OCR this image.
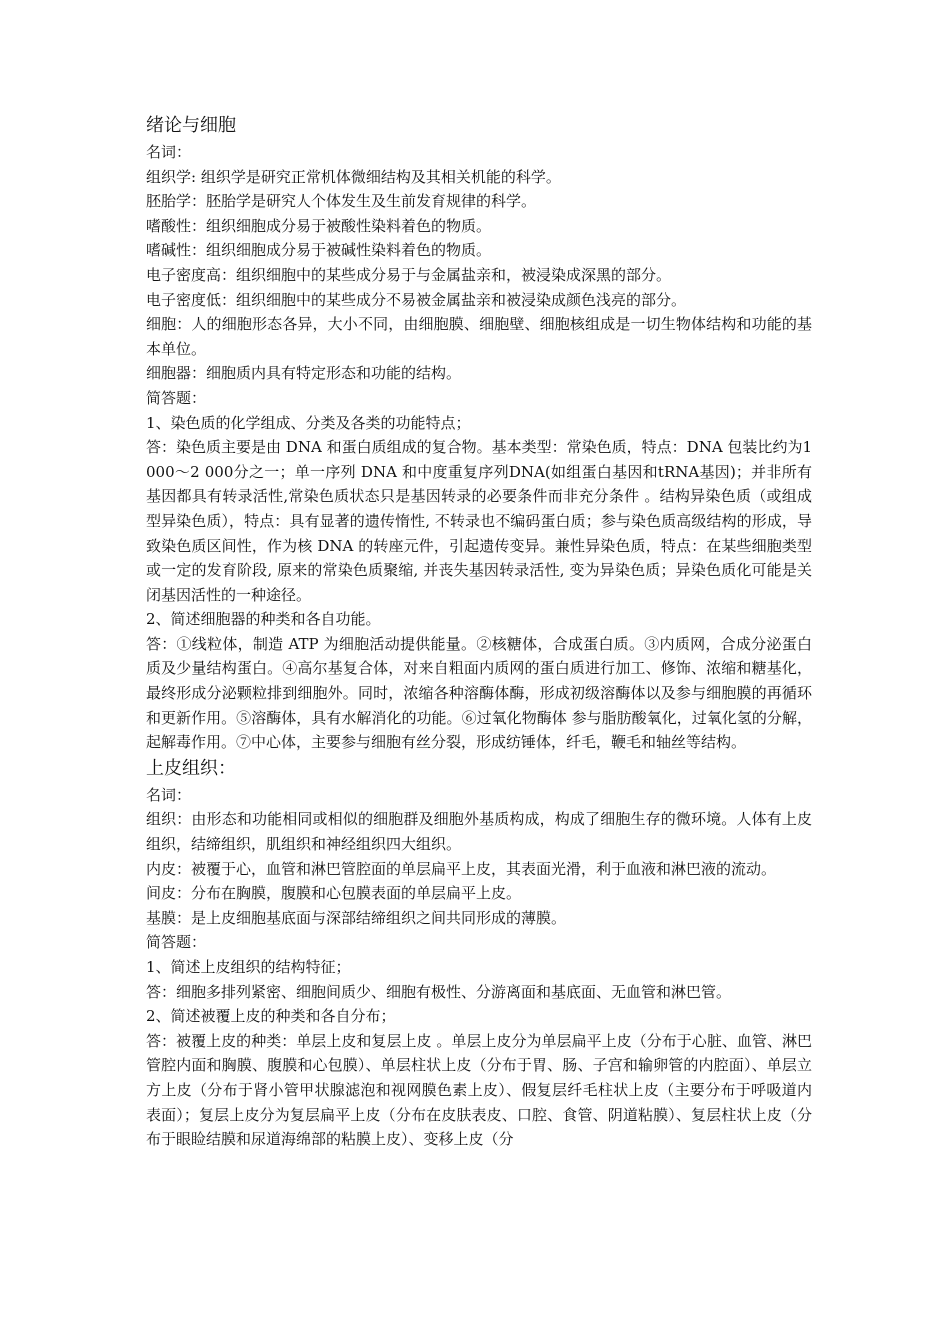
绪论与细胞

名词：

组织学: 组织学是研究正常机体微细结构及其相关机能的科学。

胚胎学：胚胎学是研究人个体发生及生前发育规律的科学。

嗜酸性：组织细胞成分易于被酸性染料着色的物质。

嗜碱性：组织细胞成分易于被碱性染料着色的物质。

电子密度高：组织细胞中的某些成分易于与金属盐亲和，被浸染成深黑的部分。

电子密度低：组织细胞中的某些成分不易被金属盐亲和被浸染成颜色浅亮的部分。

细胞：人的细胞形态各异，大小不同，由细胞膜、细胞壁、细胞核组成是一切生物体结构和功能的基本单位。

细胞器：细胞质内具有特定形态和功能的结构。

简答题：

1、染色质的化学组成、分类及各类的功能特点；

答：染色质主要是由 DNA 和蛋白质组成的复合物。基本类型：常染色质，特点：DNA 包装比约为1 000～2 000分之一；单一序列 DNA 和中度重复序列DNA(如组蛋白基因和tRNA基因)；并非所有基因都具有转录活性,常染色质状态只是基因转录的必要条件而非充分条件 。结构异染色质（或组成型异染色质），特点：具有显著的遗传惰性, 不转录也不编码蛋白质；参与染色质高级结构的形成，导致染色质区间性，作为核 DNA 的转座元件，引起遗传变异。兼性异染色质，特点：在某些细胞类型或一定的发育阶段, 原来的常染色质聚缩, 并丧失基因转录活性, 变为异染色质；异染色质化可能是关闭基因活性的一种途径。

2、简述细胞器的种类和各自功能。

答：①线粒体，制造 ATP 为细胞活动提供能量。②核糖体，合成蛋白质。③内质网，合成分泌蛋白质及少量结构蛋白。④高尔基复合体，对来自粗面内质网的蛋白质进行加工、修饰、浓缩和糖基化，最终形成分泌颗粒排到细胞外。同时，浓缩各种溶酶体酶，形成初级溶酶体以及参与细胞膜的再循环和更新作用。⑤溶酶体，具有水解消化的功能。⑥过氧化物酶体 参与脂肪酸氧化，过氧化氢的分解，起解毒作用。⑦中心体，主要参与细胞有丝分裂，形成纺锤体，纤毛，鞭毛和轴丝等结构。

上皮组织：

名词：

组织：由形态和功能相同或相似的细胞群及细胞外基质构成，构成了细胞生存的微环境。人体有上皮组织，结缔组织，肌组织和神经组织四大组织。

内皮：被覆于心，血管和淋巴管腔面的单层扁平上皮，其表面光滑，利于血液和淋巴液的流动。

间皮：分布在胸膜，腹膜和心包膜表面的单层扁平上皮。

基膜：是上皮细胞基底面与深部结缔组织之间共同形成的薄膜。

简答题：

1、简述上皮组织的结构特征；

答：细胞多排列紧密、细胞间质少、细胞有极性、分游离面和基底面、无血管和淋巴管。

2、简述被覆上皮的种类和各自分布；

答：被覆上皮的种类：单层上皮和复层上皮 。单层上皮分为单层扁平上皮（分布于心脏、血管、淋巴管腔内面和胸膜、腹膜和心包膜）、单层柱状上皮（分布于胃、肠、子宫和输卵管的内腔面）、单层立方上皮（分布于肾小管甲状腺滤泡和视网膜色素上皮）、假复层纤毛柱状上皮（主要分布于呼吸道内表面）；复层上皮分为复层扁平上皮（分布在皮肤表皮、口腔、食管、阴道粘膜）、复层柱状上皮（分布于眼睑结膜和尿道海绵部的粘膜上皮）、变移上皮（分
